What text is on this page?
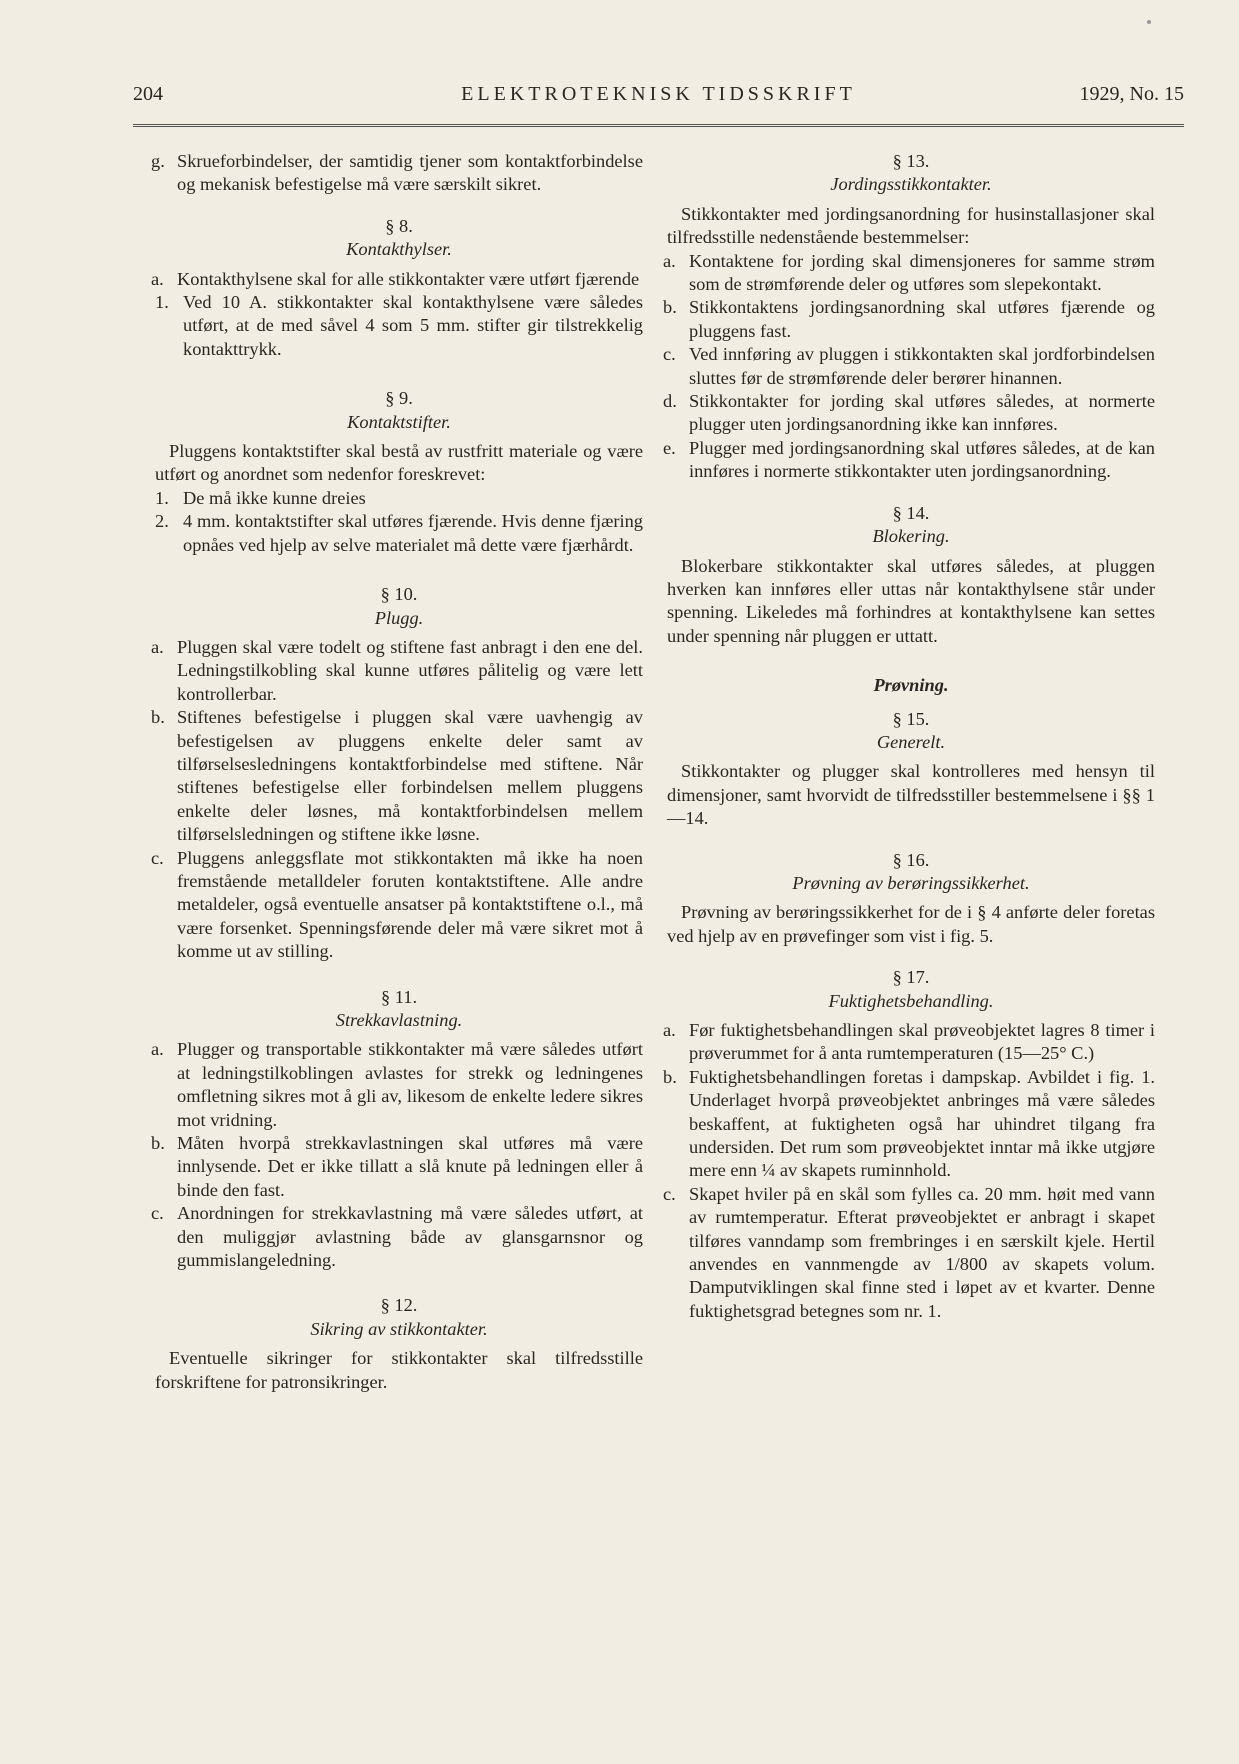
204	ELEKTROTEKNISK TIDSSKRIFT	1929, No. 15

g. Skrueforbindelser, der samtidig tjener som kontaktforbindelse og mekanisk befestigelse må være særskilt sikret.

§ 8.

Kontakthylser.

a. Kontakthylsene skal for alle stikkontakter være utført fjærende

1. Ved 10 A. stikkontakter skal kontakthylsene være således utført, at de med såvel 4 som 5 mm. stifter gir tilstrekkelig kontakttrykk.

§ 9.

Kontaktstifter.

Pluggens kontaktstifter skal bestå av rustfritt materiale og være utført og anordnet som nedenfor foreskrevet:

1. De må ikke kunne dreies

2. 4 mm. kontaktstifter skal utføres fjærende. Hvis denne fjæring opnåes ved hjelp av selve materialet må dette være fjærhårdt.

§ 10.

Plugg.

a. Pluggen skal være todelt og stiftene fast anbragt i den ene del. Ledningstilkobling skal kunne utføres pålitelig og være lett kontrollerbar.

b. Stiftenes befestigelse i pluggen skal være uavhengig av befestigelsen av pluggens enkelte deler samt av tilførselsesledningens kontaktforbindelse med stiftene. Når stiftenes befestigelse eller forbindelsen mellem pluggens enkelte deler løsnes, må kontaktforbindelsen mellem tilførselsledningen og stiftene ikke løsne.

c. Pluggens anleggsflate mot stikkontakten må ikke ha noen fremstående metalldeler foruten kontaktstiftene. Alle andre metaldeler, også eventuelle ansatser på kontaktstiftene o.l., må være forsenket. Spenningsførende deler må være sikret mot å komme ut av stilling.

§ 11.

Strekkavlastning.

a. Plugger og transportable stikkontakter må være således utført at ledningstilkoblingen avlastes for strekk og ledningenes omfletning sikres mot å gli av, likesom de enkelte ledere sikres mot vridning.

b. Måten hvorpå strekkavlastningen skal utføres må være innlysende. Det er ikke tillatt a slå knute på ledningen eller å binde den fast.

c. Anordningen for strekkavlastning må være således utført, at den muliggjør avlastning både av glansgarnsnor og gummislangeledning.

§ 12.

Sikring av stikkontakter.

Eventuelle sikringer for stikkontakter skal tilfredsstille forskriftene for patronsikringer.

§ 13.

Jordingsstikkontakter.

Stikkontakter med jordingsanordning for husinstallasjoner skal tilfredsstille nedenstående bestemmelser:

a. Kontaktene for jording skal dimensjoneres for samme strøm som de strømførende deler og utføres som slepekontakt.

b. Stikkontaktens jordingsanordning skal utføres fjærende og pluggens fast.

c. Ved innføring av pluggen i stikkontakten skal jordforbindelsen sluttes før de strømførende deler berører hinannen.

d. Stikkontakter for jording skal utføres således, at normerte plugger uten jordingsanordning ikke kan innføres.

e. Plugger med jordingsanordning skal utføres således, at de kan innføres i normerte stikkontakter uten jordingsanordning.

§ 14.

Blokering.

Blokerbare stikkontakter skal utføres således, at pluggen hverken kan innføres eller uttas når kontakthylsene står under spenning. Likeledes må forhindres at kontakthylsene kan settes under spenning når pluggen er uttatt.

Prøvning.

§ 15.

Generelt.

Stikkontakter og plugger skal kontrolleres med hensyn til dimensjoner, samt hvorvidt de tilfredsstiller bestemmelsene i §§ 1—14.

§ 16.

Prøvning av berøringssikkerhet.

Prøvning av berøringssikkerhet for de i § 4 anførte deler foretas ved hjelp av en prøvefinger som vist i fig. 5.

§ 17.

Fuktighetsbehandling.

a. Før fuktighetsbehandlingen skal prøveobjektet lagres 8 timer i prøverummet for å anta rumtemperaturen (15—25° C.)

b. Fuktighetsbehandlingen foretas i dampskap. Avbildet i fig. 1. Underlaget hvorpå prøveobjektet anbringes må være således beskaffent, at fuktigheten også har uhindret tilgang fra undersiden. Det rum som prøveobjektet inntar må ikke utgjøre mere enn ¼ av skapets ruminnhold.

c. Skapet hviler på en skål som fylles ca. 20 mm. høit med vann av rumtemperatur. Efterat prøveobjektet er anbragt i skapet tilføres vanndamp som frembringes i en særskilt kjele. Hertil anvendes en vannmengde av 1/800 av skapets volum. Damputviklingen skal finne sted i løpet av et kvarter. Denne fuktighetsgrad betegnes som nr. 1.
